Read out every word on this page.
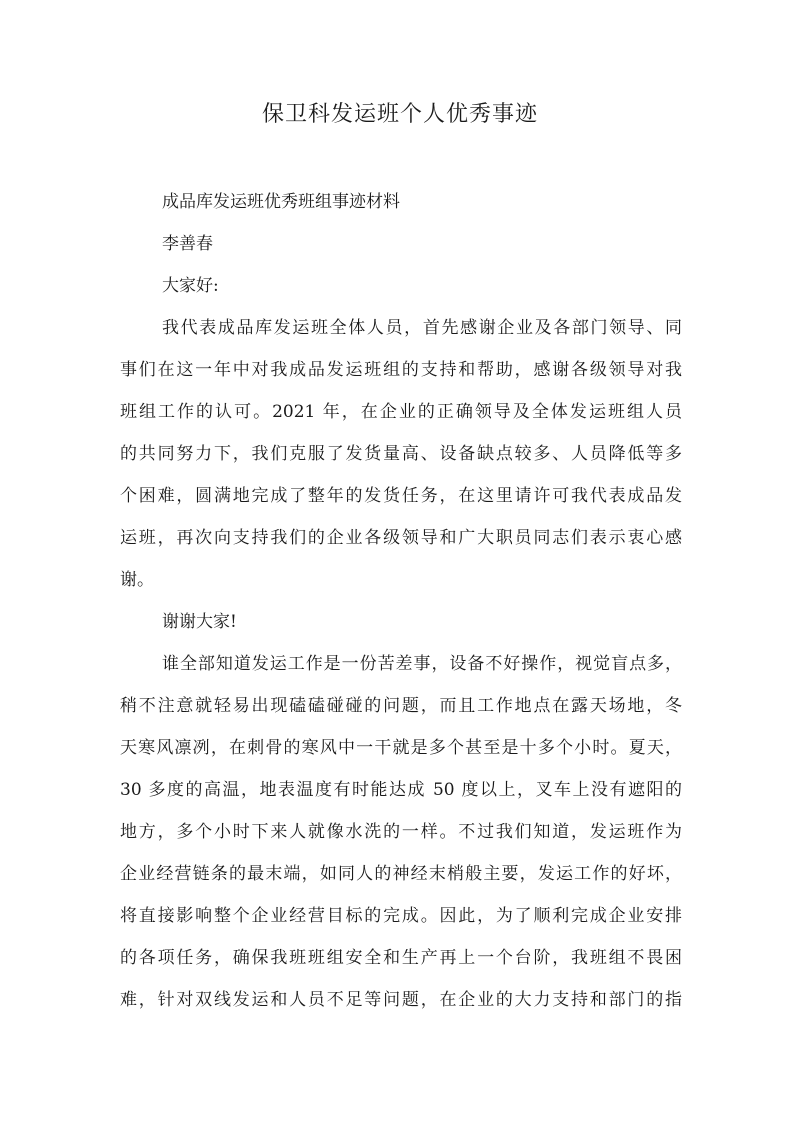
保卫科发运班个人优秀事迹
成品库发运班优秀班组事迹材料
李善春
大家好:
我代表成品库发运班全体人员，首先感谢企业及各部门领导、同
事们在这一年中对我成品发运班组的支持和帮助，感谢各级领导对我
班组工作的认可。2021 年，在企业的正确领导及全体发运班组人员
的共同努力下，我们克服了发货量高、设备缺点较多、人员降低等多
个困难，圆满地完成了整年的发货任务，在这里请许可我代表成品发
运班，再次向支持我们的企业各级领导和广大职员同志们表示衷心感
谢。
谢谢大家!
谁全部知道发运工作是一份苦差事，设备不好操作，视觉盲点多，
稍不注意就轻易出现磕磕碰碰的问题，而且工作地点在露天场地，冬
天寒风凛冽，在刺骨的寒风中一干就是多个甚至是十多个小时。夏天，
30 多度的高温，地表温度有时能达成 50 度以上，叉车上没有遮阳的
地方，多个小时下来人就像水洗的一样。不过我们知道，发运班作为
企业经营链条的最末端，如同人的神经末梢般主要，发运工作的好坏，
将直接影响整个企业经营目标的完成。因此，为了顺利完成企业安排
的各项任务，确保我班班组安全和生产再上一个台阶，我班组不畏困
难，针对双线发运和人员不足等问题，在企业的大力支持和部门的指
